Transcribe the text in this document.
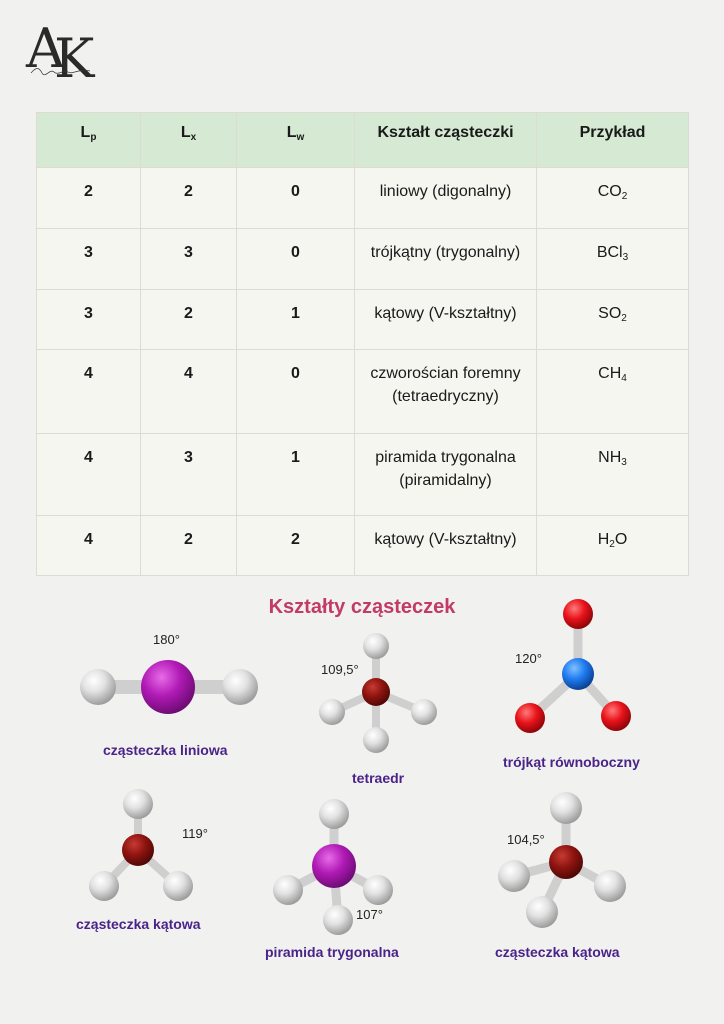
A
K
$L_p$	$L_x$	$L_w$	Kształt cząsteczki	Przykład
2	2	0	liniowy (digonalny)	$CO_2$
3	3	0	trójkątny (trygonalny)	BCl$_3$
3	2	1	kątowy (V-kształtny)	$SO_2$
4	4	0	czworościan foremny (tetraedryczny)	$CH_4$
4	3	1	piramida trygonalna (piramidalny)	$NH_3$
4	2	2	kątowy (V-kształtny)	$H_2O$
Kształty cząsteczek
180°
cząsteczka liniowa
109,5°
tetraedr
120°
trójkąt równoboczny
119°
cząsteczka kątowa
107°
piramida trygonalna
104,5°
cząsteczka kątowa
